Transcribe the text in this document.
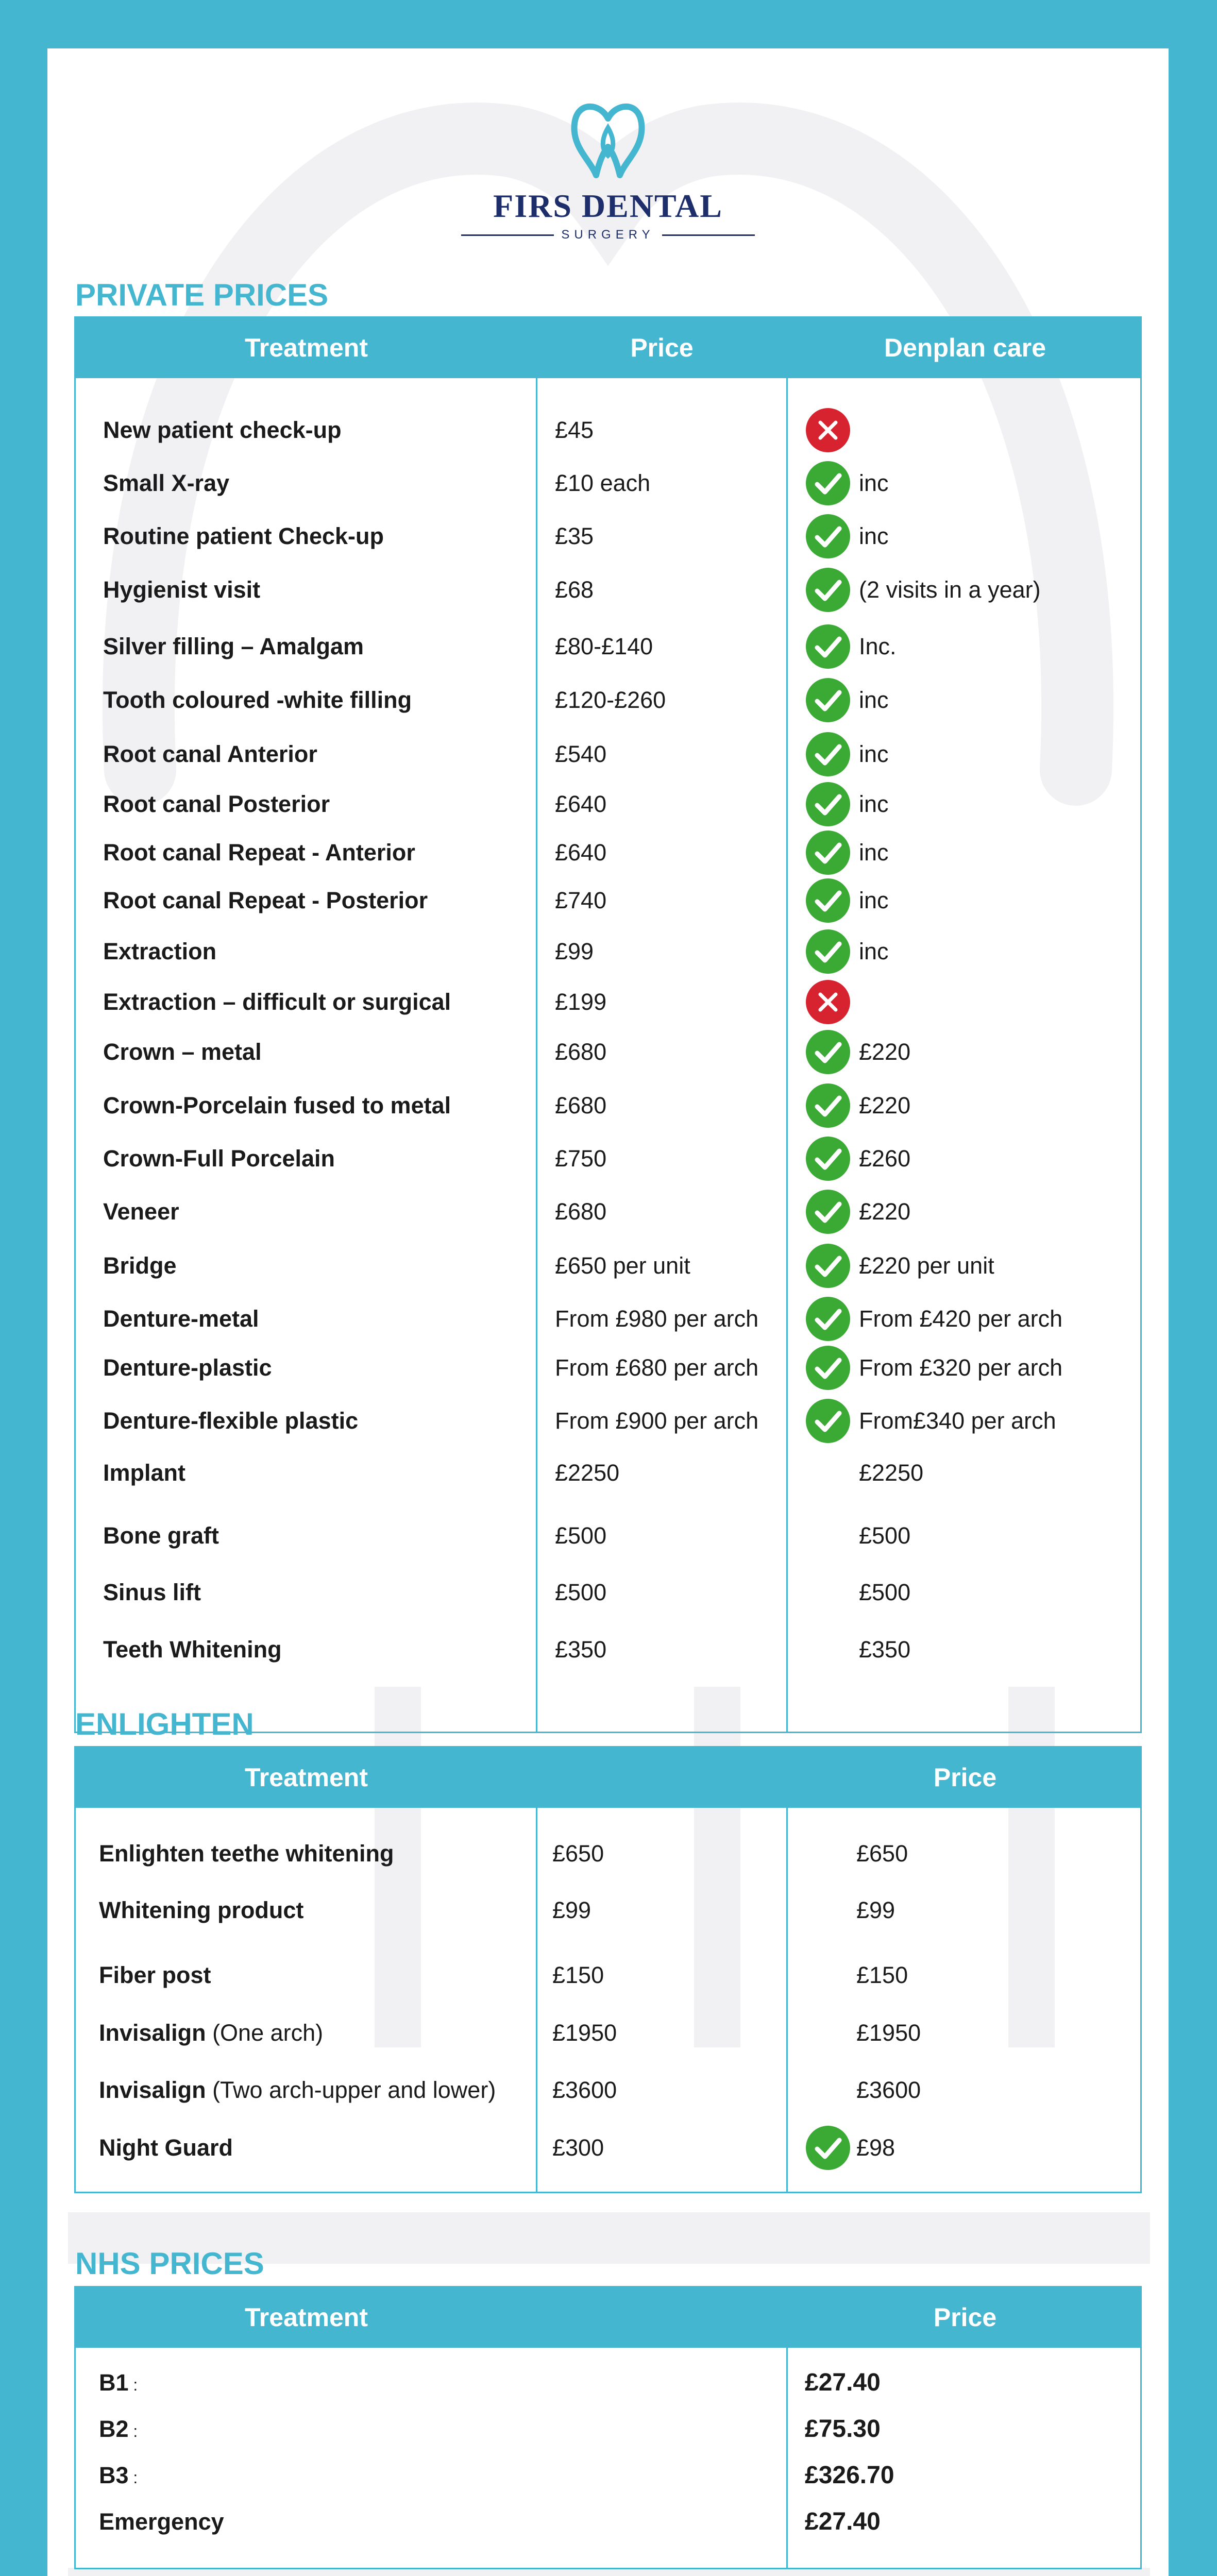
FIRS DENTAL
SURGERY
PRIVATE PRICES
Treatment	Price	Denplan care
New patient check-up	£45
Small X-ray	£10 each	inc
Routine patient Check-up	£35	inc
Hygienist visit	£68	(2 visits in a year)
Silver filling – Amalgam	£80-£140	Inc.
Tooth coloured -white filling	£120-£260	inc
Root canal Anterior	£540	inc
Root canal Posterior	£640	inc
Root canal Repeat - Anterior	£640	inc
Root canal Repeat - Posterior	£740	inc
Extraction	£99	inc
Extraction – difficult or surgical	£199
Crown – metal	£680	£220
Crown-Porcelain fused to metal	£680	£220
Crown-Full Porcelain	£750	£260
Veneer	£680	£220
Bridge	£650 per unit	£220 per unit
Denture-metal	From £980 per arch	From £420 per arch
Denture-plastic	From £680 per arch	From £320 per arch
Denture-flexible plastic	From £900 per arch	From£340 per arch
Implant	£2250	£2250
Bone graft	£500	£500
Sinus lift	£500	£500
Teeth Whitening	£350	£350
ENLIGHTEN
Treatment	Price
Enlighten teethe whitening	£650	£650
Whitening product	£99	£99
Fiber post	£150	£150
Invisalign (One arch)	£1950	£1950
Invisalign (Two arch-upper and lower) £3600	£3600
Night Guard	£300	£98
NHS PRICES
Treatment	Price
B1 :	£27.40
B2 :	£75.30
B3 :	£326.70
Emergency	£27.40
